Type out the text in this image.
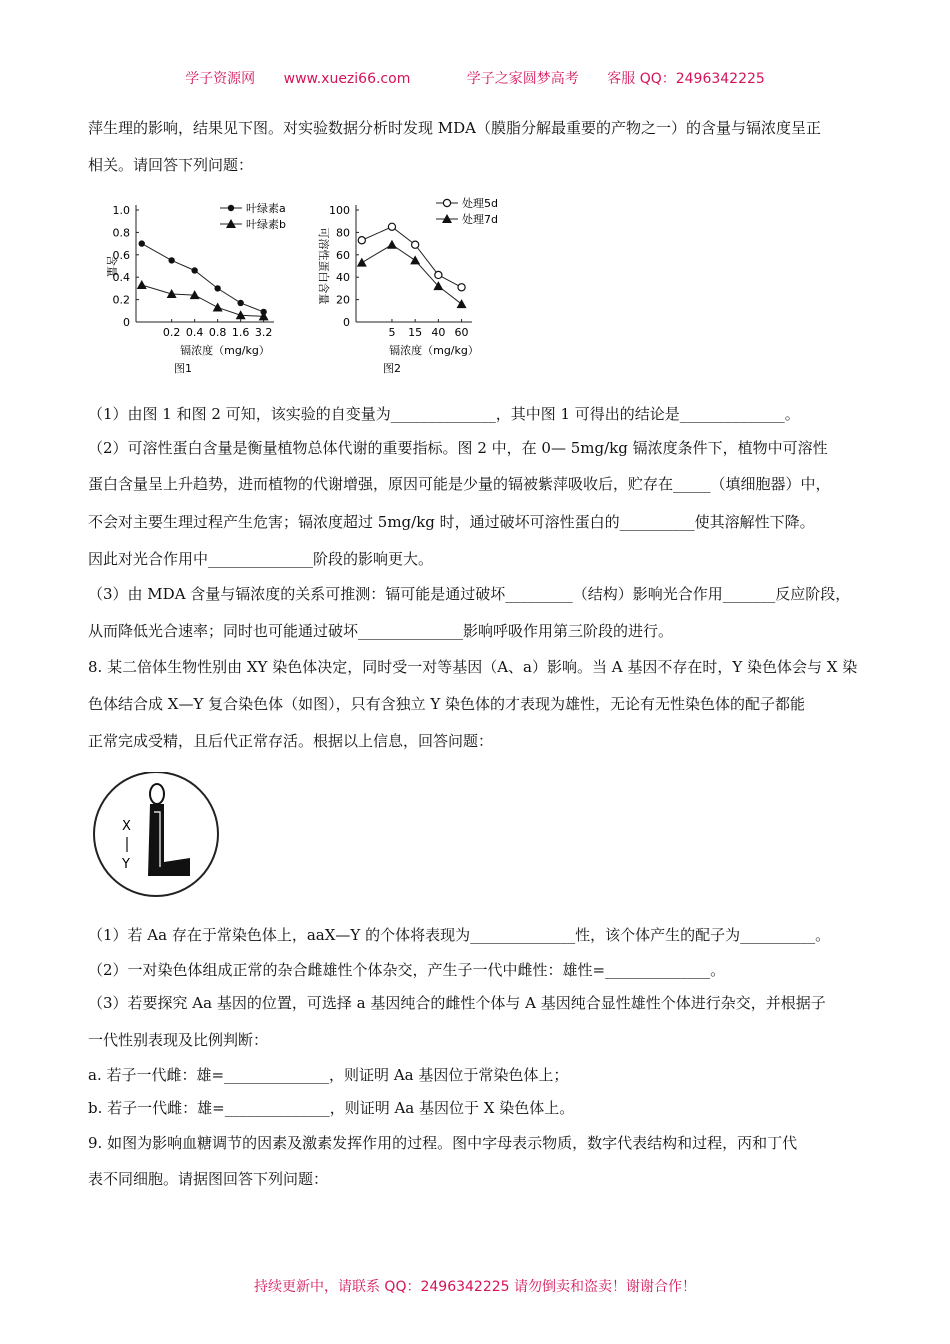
学子资源网 www.xuezi66.com	学子之家圆梦高考 客服 QQ：2496342225
萍生理的影响，结果见下图。对实验数据分析时发现 MDA（膜脂分解最重要的产物之一）的含量与镉浓度呈正
相关。请回答下列问题：
0
0.2
0.4
0.6
0.8
1.0
0.2 0.4 0.8 1.6 3.2
叶绿素a
叶绿素b
含量
镉浓度（mg/kg）
图1
0
20
40
60
80
100
5 15 40 60
处理5d
处理7d
可溶性蛋白含量
镉浓度（mg/kg）
图2
（1）由图 1 和图 2 可知，该实验的自变量为______________，其中图 1 可得出的结论是______________。
（2）可溶性蛋白含量是衡量植物总体代谢的重要指标。图 2 中，在 0— 5mg/kg 镉浓度条件下，植物中可溶性
蛋白含量呈上升趋势，进而植物的代谢增强，原因可能是少量的镉被紫萍吸收后，贮存在_____（填细胞器）中，
不会对主要生理过程产生危害；镉浓度超过 5mg/kg 时，通过破坏可溶性蛋白的__________使其溶解性下降。
因此对光合作用中______________阶段的影响更大。
（3）由 MDA 含量与镉浓度的关系可推测：镉可能是通过破坏_________（结构）影响光合作用_______反应阶段，
从而降低光合速率；同时也可能通过破坏______________影响呼吸作用第三阶段的进行。
8. 某二倍体生物性别由 XY 染色体决定，同时受一对等基因（A、a）影响。当 A 基因不存在时，Y 染色体会与 X 染
色体结合成 X—Y 复合染色体（如图），只有含独立 Y 染色体的才表现为雄性，无论有无性染色体的配子都能
正常完成受精，且后代正常存活。根据以上信息，回答问题：
X
Y
（1）若 Aa 存在于常染色体上，aaX—Y 的个体将表现为______________性，该个体产生的配子为__________。
（2）一对染色体组成正常的杂合雌雄性个体杂交，产生子一代中雌性：雄性=______________。
（3）若要探究 Aa 基因的位置，可选择 a 基因纯合的雌性个体与 A 基因纯合显性雄性个体进行杂交，并根据子
一代性别表现及比例判断：
a. 若子一代雌：雄=______________，则证明 Aa 基因位于常染色体上；
b. 若子一代雌：雄=______________，则证明 Aa 基因位于 X 染色体上。
9. 如图为影响血糖调节的因素及激素发挥作用的过程。图中字母表示物质，数字代表结构和过程，丙和丁代
表不同细胞。请据图回答下列问题：
持续更新中，请联系 QQ：2496342225 请勿倒卖和盗卖！谢谢合作！
